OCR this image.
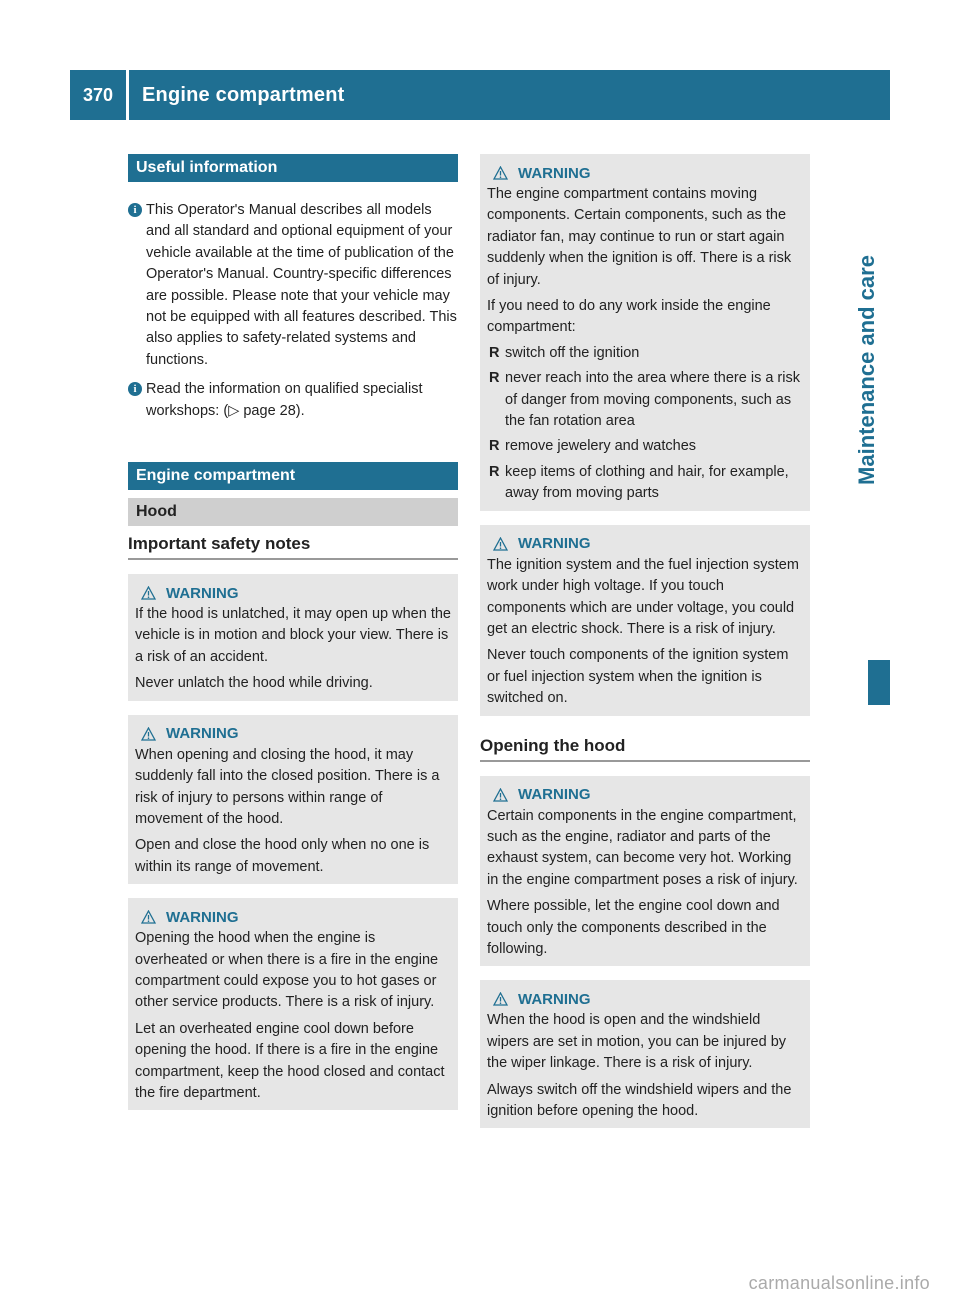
370	Engine compartment
Maintenance and care
Useful information
i This Operator's Manual describes all models and all standard and optional equipment of your vehicle available at the time of publication of the Operator's Manual. Country-specific differences are possible. Please note that your vehicle may not be equipped with all features described. This also applies to safety-related systems and functions.

i Read the information on qualified specialist workshops: (▷ page 28).

Engine compartment
Hood
Important safety notes
WARNING

If the hood is unlatched, it may open up when the vehicle is in motion and block your view. There is a risk of an accident.

Never unlatch the hood while driving.

WARNING

When opening and closing the hood, it may suddenly fall into the closed position. There is a risk of injury to persons within range of movement of the hood.

Open and close the hood only when no one is within its range of movement.

WARNING

Opening the hood when the engine is overheated or when there is a fire in the engine compartment could expose you to hot gases or other service products. There is a risk of injury.

Let an overheated engine cool down before opening the hood. If there is a fire in the engine compartment, keep the hood closed and contact the fire department.

WARNING

The engine compartment contains moving components. Certain components, such as the radiator fan, may continue to run or start again suddenly when the ignition is off. There is a risk of injury.

If you need to do any work inside the engine compartment:

R switch off the ignition
R never reach into the area where there is a risk of danger from moving components, such as the fan rotation area
R remove jewelery and watches
R keep items of clothing and hair, for example, away from moving parts
WARNING

The ignition system and the fuel injection system work under high voltage. If you touch components which are under voltage, you could get an electric shock. There is a risk of injury.

Never touch components of the ignition system or fuel injection system when the ignition is switched on.

Opening the hood
WARNING

Certain components in the engine compartment, such as the engine, radiator and parts of the exhaust system, can become very hot. Working in the engine compartment poses a risk of injury.

Where possible, let the engine cool down and touch only the components described in the following.

WARNING

When the hood is open and the windshield wipers are set in motion, you can be injured by the wiper linkage. There is a risk of injury.

Always switch off the windshield wipers and the ignition before opening the hood.

carmanualsonline.info
